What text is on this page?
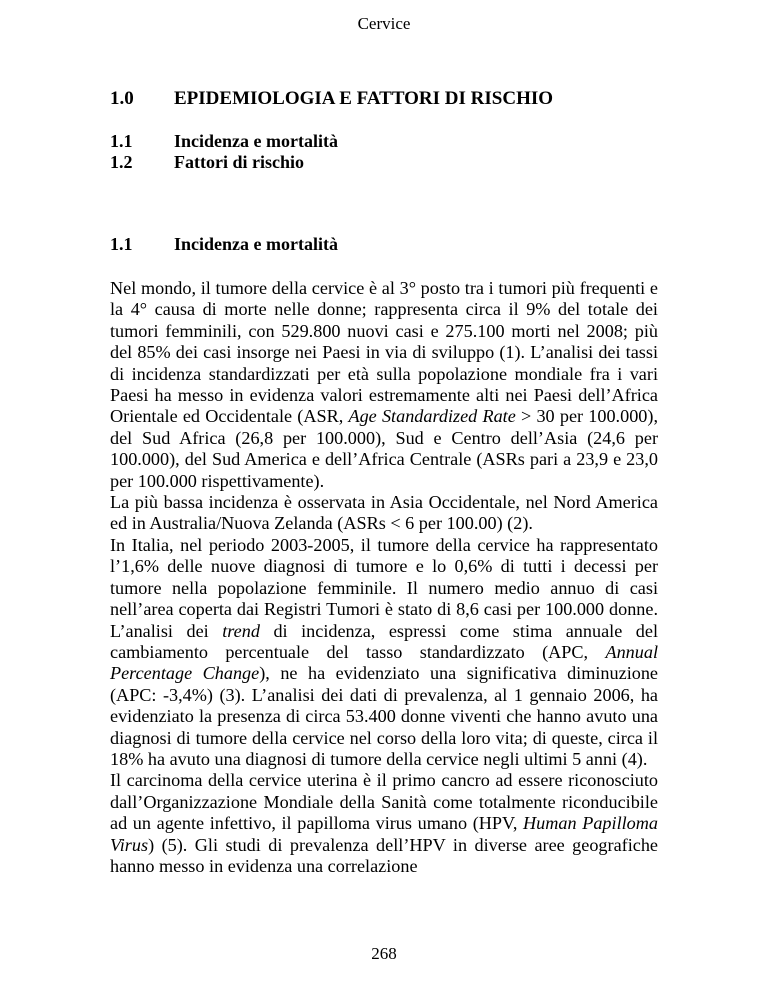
Cervice
1.0 EPIDEMIOLOGIA E FATTORI DI RISCHIO
1.1 Incidenza e mortalità
1.2 Fattori di rischio
1.1 Incidenza e mortalità

Nel mondo, il tumore della cervice è al 3° posto tra i tumori più frequenti e la 4° causa di morte nelle donne; rappresenta circa il 9% del totale dei tumori femminili, con 529.800 nuovi casi e 275.100 morti nel 2008; più del 85% dei casi insorge nei Paesi in via di sviluppo (1). L’analisi dei tassi di incidenza standardizzati per età sulla popolazione mondiale fra i vari Paesi ha messo in evidenza valori estremamente alti nei Paesi dell’Africa Orientale ed Occidentale (ASR, Age Standardized Rate > 30 per 100.000), del Sud Africa (26,8 per 100.000), Sud e Centro dell’Asia (24,6 per 100.000), del Sud America e dell’Africa Centrale (ASRs pari a 23,9 e 23,0 per 100.000 rispettivamente).

La più bassa incidenza è osservata in Asia Occidentale, nel Nord America ed in Australia/Nuova Zelanda (ASRs < 6 per 100.00) (2).

In Italia, nel periodo 2003-2005, il tumore della cervice ha rappresentato l’1,6% delle nuove diagnosi di tumore e lo 0,6% di tutti i decessi per tumore nella popolazione femminile. Il numero medio annuo di casi nell’area coperta dai Registri Tumori è stato di 8,6 casi per 100.000 donne. L’analisi dei trend di incidenza, espressi come stima annuale del cambiamento percentuale del tasso standardizzato (APC, Annual Percentage Change), ne ha evidenziato una significativa diminuzione (APC: -3,4%) (3). L’analisi dei dati di prevalenza, al 1 gennaio 2006, ha evidenziato la presenza di circa 53.400 donne viventi che hanno avuto una diagnosi di tumore della cervice nel corso della loro vita; di queste, circa il 18% ha avuto una diagnosi di tumore della cervice negli ultimi 5 anni (4).

Il carcinoma della cervice uterina è il primo cancro ad essere riconosciuto dall’Organizzazione Mondiale della Sanità come totalmente riconducibile ad un agente infettivo, il papilloma virus umano (HPV, Human Papilloma Virus) (5). Gli studi di prevalenza dell’HPV in diverse aree geografiche hanno messo in evidenza una correlazione

268
